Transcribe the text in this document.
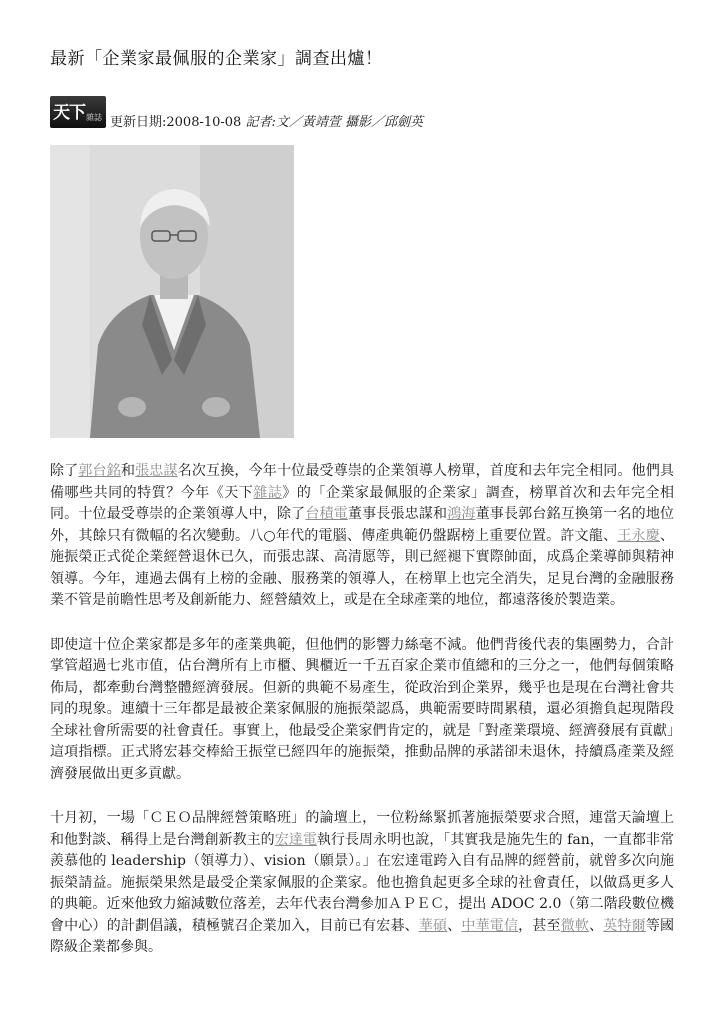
最新「企業家最佩服的企業家」調查出爐！
天下 雜誌 更新日期:2008-10-08 記者:文／黃靖萱 攝影／邱劍英

除了郭台銘和張忠謀名次互換，今年十位最受尊崇的企業領導人榜單，首度和去年完全相同。他們具備哪些共同的特質？今年《天下雜誌》的「企業家最佩服的企業家」調查，榜單首次和去年完全相同。十位最受尊崇的企業領導人中，除了台積電董事長張忠謀和鴻海董事長郭台銘互換第一名的地位外，其餘只有微幅的名次變動。八○年代的電腦、傳產典範仍盤踞榜上重要位置。許文龍、王永慶、施振榮正式從企業經營退休已久，而張忠謀、高清愿等，則已經褪下實際帥面，成爲企業導師與精神領導。今年，連過去偶有上榜的金融、服務業的領導人，在榜單上也完全消失，足見台灣的金融服務業不管是前瞻性思考及創新能力、經營績效上，或是在全球產業的地位，都遠落後於製造業。

即使這十位企業家都是多年的產業典範，但他們的影響力絲毫不減。他們背後代表的集團勢力，合計掌管超過七兆市值，佔台灣所有上市櫃、興櫃近一千五百家企業市值總和的三分之一，他們每個策略佈局，都牽動台灣整體經濟發展。但新的典範不易產生，從政治到企業界，幾乎也是現在台灣社會共同的現象。連續十三年都是最被企業家佩服的施振榮認爲，典範需要時間累積，還必須擔負起現階段全球社會所需要的社會責任。事實上，他最受企業家們肯定的，就是「對產業環境、經濟發展有貢獻」這項指標。正式將宏碁交棒給王振堂已經四年的施振榮，推動品牌的承諾卻未退休，持續爲產業及經濟發展做出更多貢獻。

十月初，一場「ＣＥＯ品牌經營策略班」的論壇上，一位粉絲緊抓著施振榮要求合照，連當天論壇上和他對談、稱得上是台灣創新教主的宏達電執行長周永明也說，「其實我是施先生的 fan，一直都非常羨慕他的 leadership（領導力）、vision（願景）。」在宏達電跨入自有品牌的經營前，就曾多次向施振榮請益。施振榮果然是最受企業家佩服的企業家。他也擔負起更多全球的社會責任，以做爲更多人的典範。近來他致力縮減數位落差，去年代表台灣參加ＡＰＥＣ，提出 ADOC 2.0（第二階段數位機會中心）的計劃倡議，積極號召企業加入，目前已有宏碁、華碩、中華電信，甚至微軟、英特爾等國際級企業都參與。
